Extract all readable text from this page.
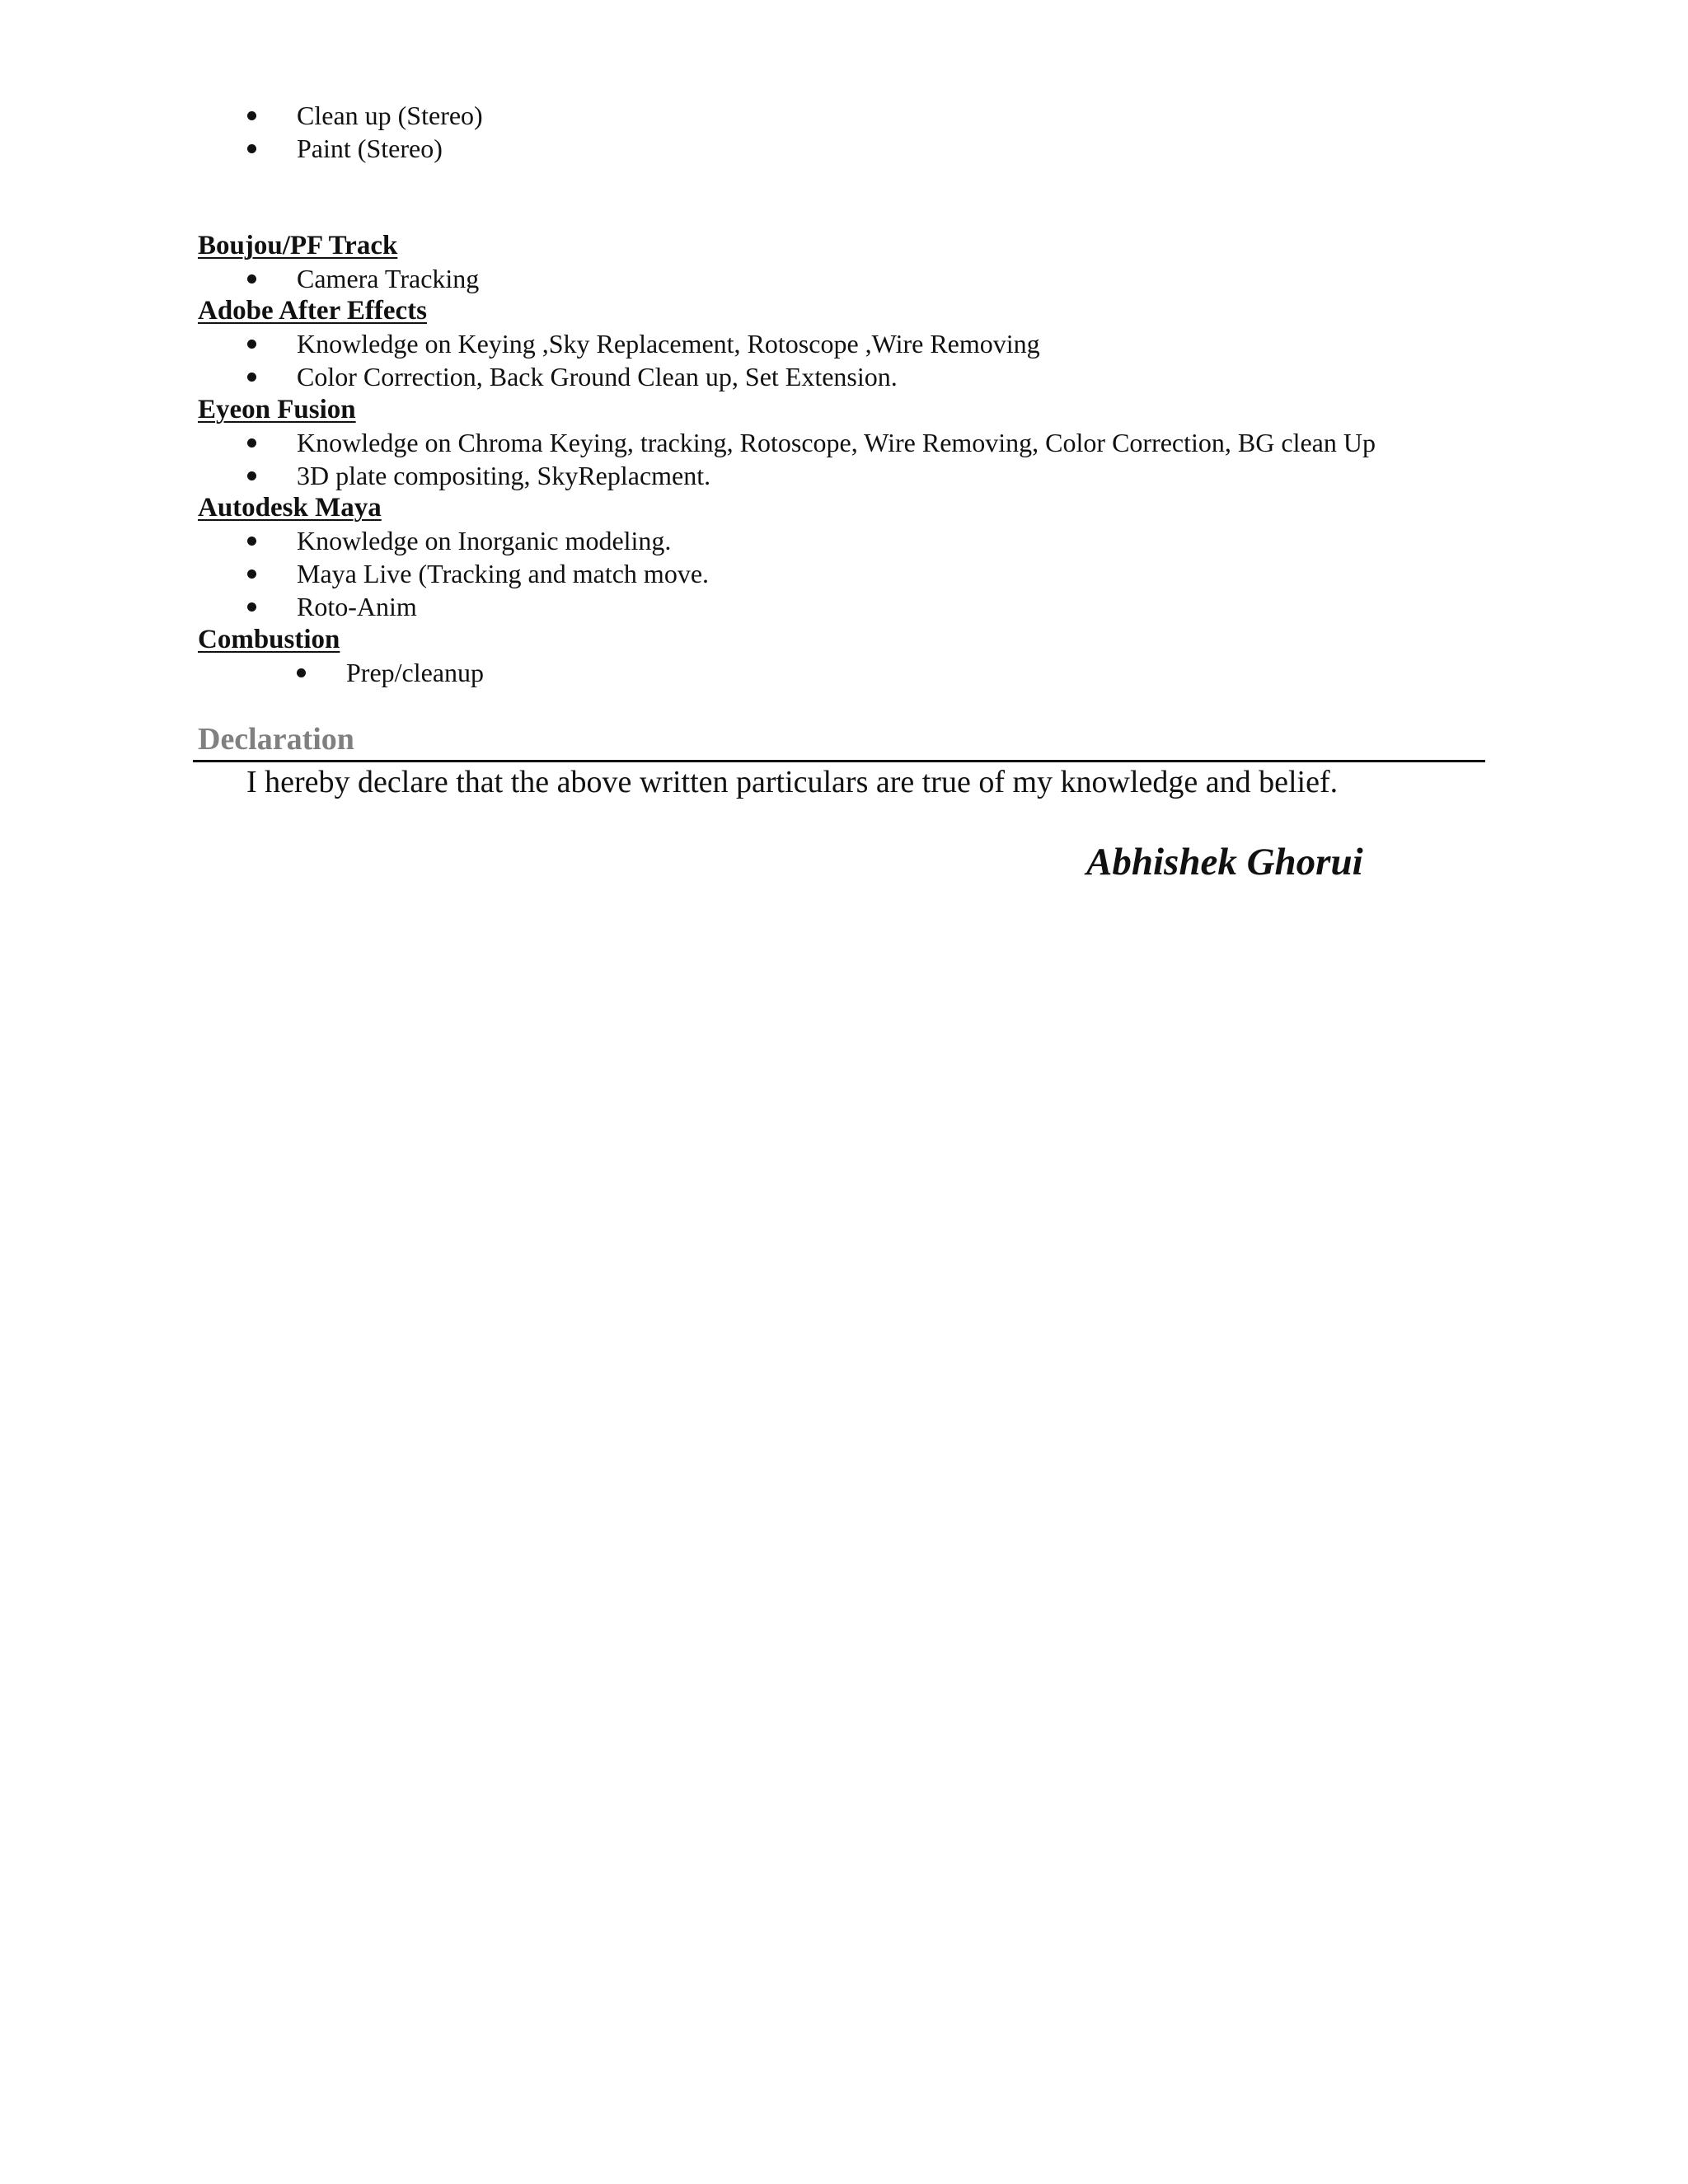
Clean up (Stereo)
Paint (Stereo)
Boujou/PF Track
Camera Tracking
Adobe After Effects
Knowledge on Keying ,Sky Replacement, Rotoscope ,Wire Removing
Color Correction, Back Ground Clean up, Set Extension.
Eyeon Fusion
Knowledge on Chroma Keying, tracking, Rotoscope, Wire Removing, Color Correction, BG clean Up
3D plate compositing, SkyReplacment.
Autodesk Maya
Knowledge on Inorganic modeling.
Maya Live (Tracking and match move.
Roto-Anim
Combustion
Prep/cleanup
Declaration
I hereby declare that the above written particulars are true of my knowledge and belief.
Abhishek Ghorui
